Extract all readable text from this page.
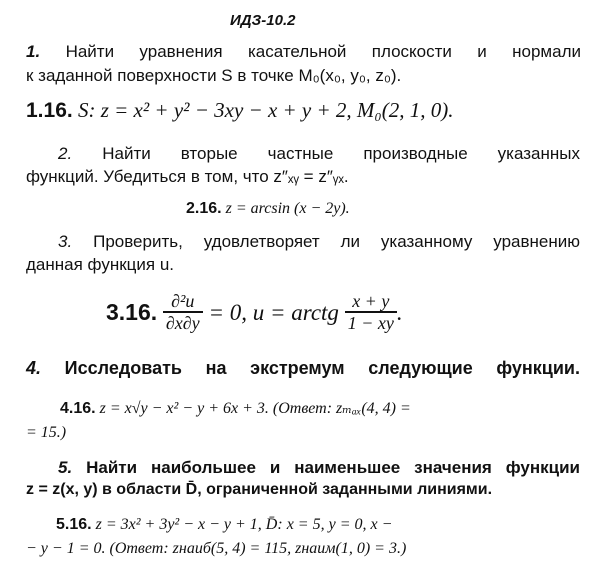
ИДЗ-10.2
1. Найти уравнения касательной плоскости и нормали
к заданной поверхности S в точке M₀(x₀, y₀, z₀).
1.16. S: z = x² + y² − 3xy − x + y + 2, M₀(2, 1, 0).
2. Найти вторые частные производные указанных
функций. Убедиться в том, что z″ₓᵧ = z″ᵧₓ.
2.16. z = arcsin (x − 2y).
3. Проверить, удовлетворяет ли указанному уравнению
данная функция u.
3.16. $\frac{\text{∂²u}}{\partial x\partial y} = 0$, u = arctg $\frac{x + y}{1 - xy}$ .
4. Исследовать на экстремум следующие функции.
4.16. z = x√y − x² − y + 6x + 3. (Ответ: zₘₐₓ(4, 4) =
= 15.)
5. Найти наибольшее и наименьшее значения функции
z = z(x, y) в области D̄, ограниченной заданными линиями.
5.16. z = 3x² + 3y² − x − y + 1, D̄: x = 5, y = 0, x −
− y − 1 = 0. (Ответ: zнаиб(5, 4) = 115, zнаим(1, 0) = 3.)
